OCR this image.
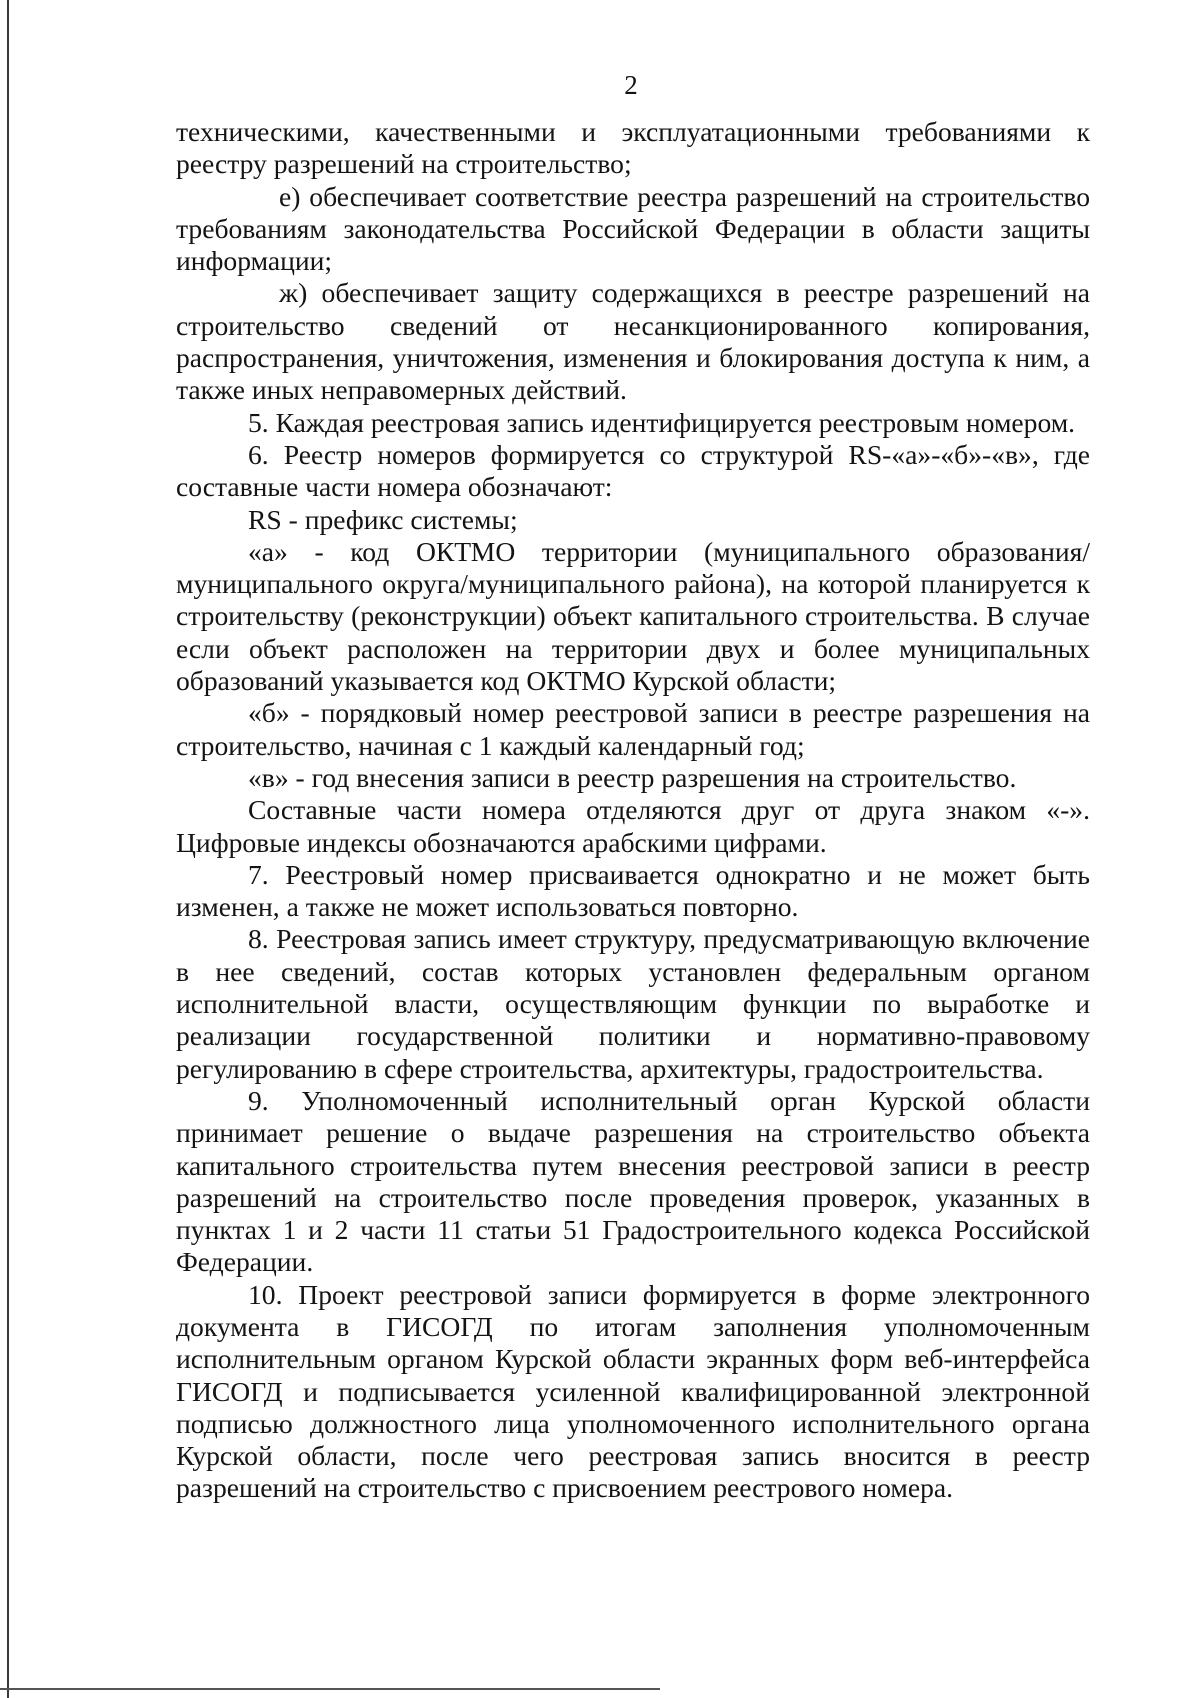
2

техническими, качественными и эксплуатационными требованиями к реестру разрешений на строительство;

е) обеспечивает соответствие реестра разрешений на строительство требованиям законодательства Российской Федерации в области защиты информации;

ж) обеспечивает защиту содержащихся в реестре разрешений на строительство сведений от несанкционированного копирования, распространения, уничтожения, изменения и блокирования доступа к ним, а также иных неправомерных действий.

5. Каждая реестровая запись идентифицируется реестровым номером.

6. Реестр номеров формируется со структурой RS-«а»-«б»-«в», где составные части номера обозначают:

RS - префикс системы;

«а» - код ОКТМО территории (муниципального образования/муниципального округа/муниципального района), на которой планируется к строительству (реконструкции) объект капитального строительства. В случае если объект расположен на территории двух и более муниципальных образований указывается код ОКТМО Курской области;

«б» - порядковый номер реестровой записи в реестре разрешения на строительство, начиная с 1 каждый календарный год;

«в» - год внесения записи в реестр разрешения на строительство.

Составные части номера отделяются друг от друга знаком «-». Цифровые индексы обозначаются арабскими цифрами.

7. Реестровый номер присваивается однократно и не может быть изменен, а также не может использоваться повторно.

8. Реестровая запись имеет структуру, предусматривающую включение в нее сведений, состав которых установлен федеральным органом исполнительной власти, осуществляющим функции по выработке и реализации государственной политики и нормативно-правовому регулированию в сфере строительства, архитектуры, градостроительства.

9. Уполномоченный исполнительный орган Курской области принимает решение о выдаче разрешения на строительство объекта капитального строительства путем внесения реестровой записи в реестр разрешений на строительство после проведения проверок, указанных в пунктах 1 и 2 части 11 статьи 51 Градостроительного кодекса Российской Федерации.

10. Проект реестровой записи формируется в форме электронного документа в ГИСОГД по итогам заполнения уполномоченным исполнительным органом Курской области экранных форм веб-интерфейса ГИСОГД и подписывается усиленной квалифицированной электронной подписью должностного лица уполномоченного исполнительного органа Курской области, после чего реестровая запись вносится в реестр разрешений на строительство с присвоением реестрового номера.
